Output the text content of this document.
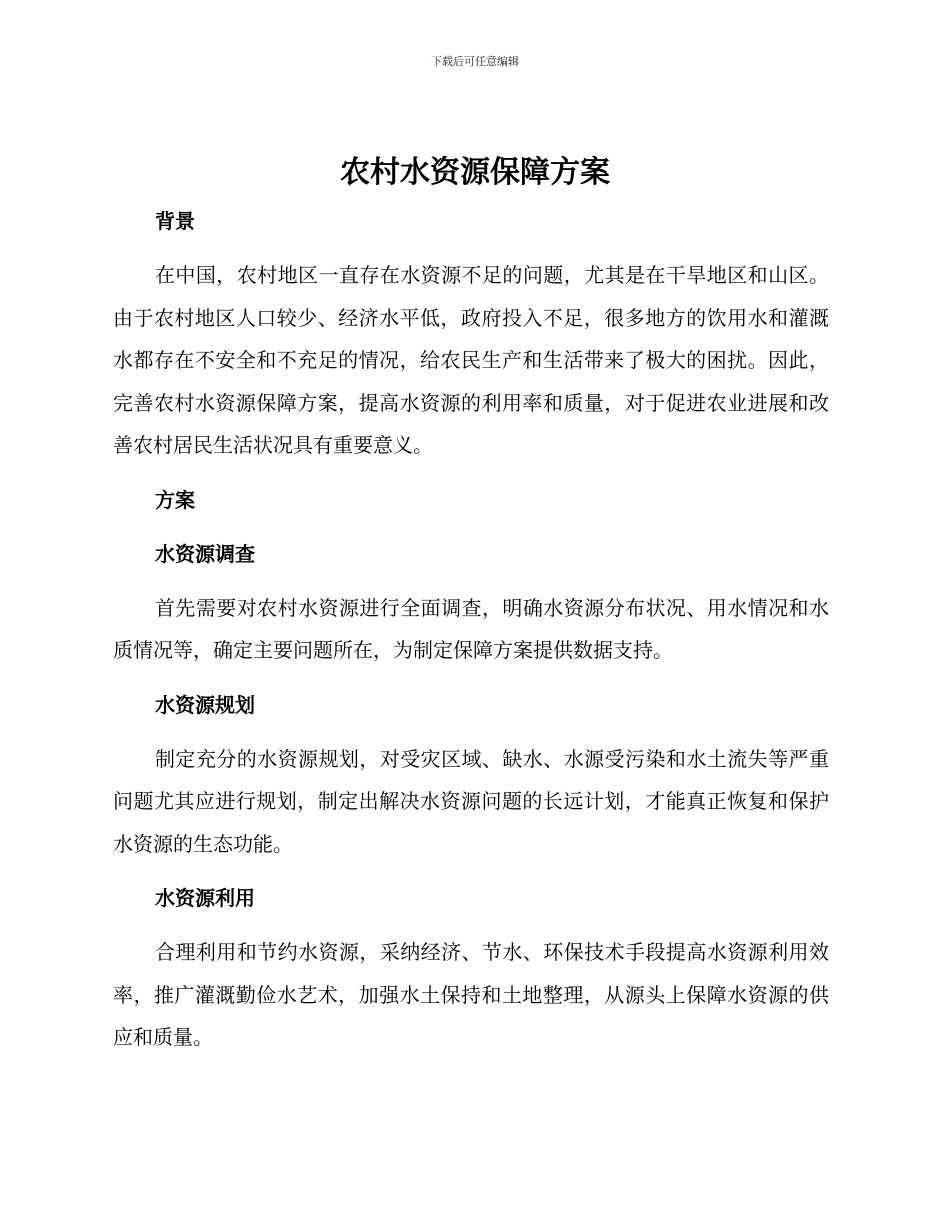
下载后可任意编辑
农村水资源保障方案
背景

在中国，农村地区一直存在水资源不足的问题，尤其是在干旱地区和山区。由于农村地区人口较少、经济水平低，政府投入不足，很多地方的饮用水和灌溉水都存在不安全和不充足的情况，给农民生产和生活带来了极大的困扰。因此，完善农村水资源保障方案，提高水资源的利用率和质量，对于促进农业进展和改善农村居民生活状况具有重要意义。

方案
水资源调查

首先需要对农村水资源进行全面调查，明确水资源分布状况、用水情况和水质情况等，确定主要问题所在，为制定保障方案提供数据支持。

水资源规划

制定充分的水资源规划，对受灾区域、缺水、水源受污染和水土流失等严重问题尤其应进行规划，制定出解决水资源问题的长远计划，才能真正恢复和保护水资源的生态功能。

水资源利用

合理利用和节约水资源，采纳经济、节水、环保技术手段提高水资源利用效率，推广灌溉勤俭水艺术，加强水土保持和土地整理，从源头上保障水资源的供应和质量。
